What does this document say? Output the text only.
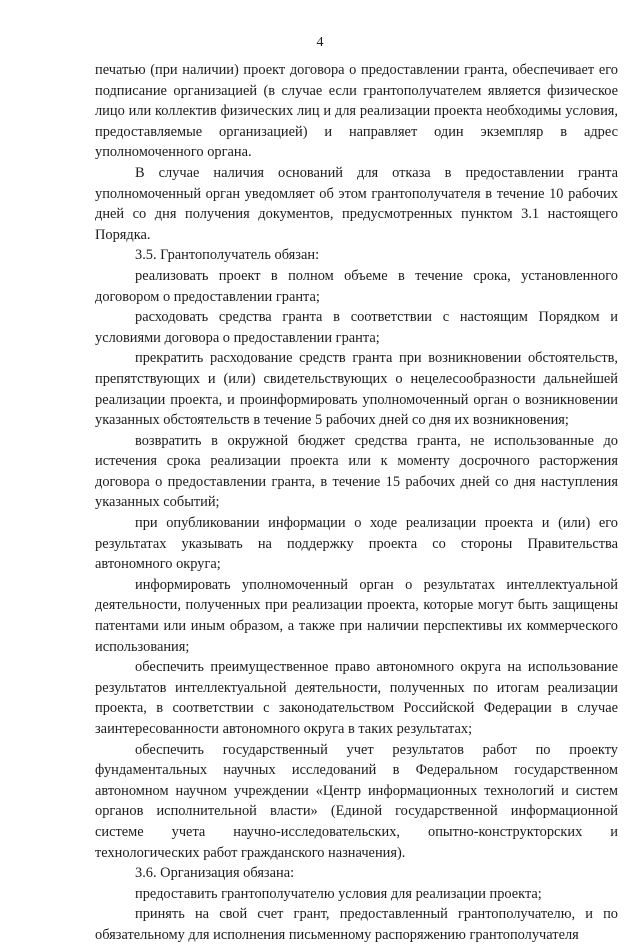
4

печатью (при наличии) проект договора о предоставлении гранта, обеспечивает его подписание организацией (в случае если грантополучателем является физическое лицо или коллектив физических лиц и для реализации проекта необходимы условия, предоставляемые организацией) и направляет один экземпляр в адрес уполномоченного органа.

В случае наличия оснований для отказа в предоставлении гранта уполномоченный орган уведомляет об этом грантополучателя в течение 10 рабочих дней со дня получения документов, предусмотренных пунктом 3.1 настоящего Порядка.

3.5. Грантополучатель обязан:

реализовать проект в полном объеме в течение срока, установленного договором о предоставлении гранта;

расходовать средства гранта в соответствии с настоящим Порядком и условиями договора о предоставлении гранта;

прекратить расходование средств гранта при возникновении обстоятельств, препятствующих и (или) свидетельствующих о нецелесообразности дальнейшей реализации проекта, и проинформировать уполномоченный орган о возникновении указанных обстоятельств в течение 5 рабочих дней со дня их возникновения;

возвратить в окружной бюджет средства гранта, не использованные до истечения срока реализации проекта или к моменту досрочного расторжения договора о предоставлении гранта, в течение 15 рабочих дней со дня наступления указанных событий;

при опубликовании информации о ходе реализации проекта и (или) его результатах указывать на поддержку проекта со стороны Правительства автономного округа;

информировать уполномоченный орган о результатах интеллектуальной деятельности, полученных при реализации проекта, которые могут быть защищены патентами или иным образом, а также при наличии перспективы их коммерческого использования;

обеспечить преимущественное право автономного округа на использование результатов интеллектуальной деятельности, полученных по итогам реализации проекта, в соответствии с законодательством Российской Федерации в случае заинтересованности автономного округа в таких результатах;

обеспечить государственный учет результатов работ по проекту фундаментальных научных исследований в Федеральном государственном автономном научном учреждении «Центр информационных технологий и систем органов исполнительной власти» (Единой государственной информационной системе учета научно-исследовательских, опытно-конструкторских и технологических работ гражданского назначения).

3.6. Организация обязана:

предоставить грантополучателю условия для реализации проекта;

принять на свой счет грант, предоставленный грантополучателю, и по обязательному для исполнения письменному распоряжению грантополучателя
